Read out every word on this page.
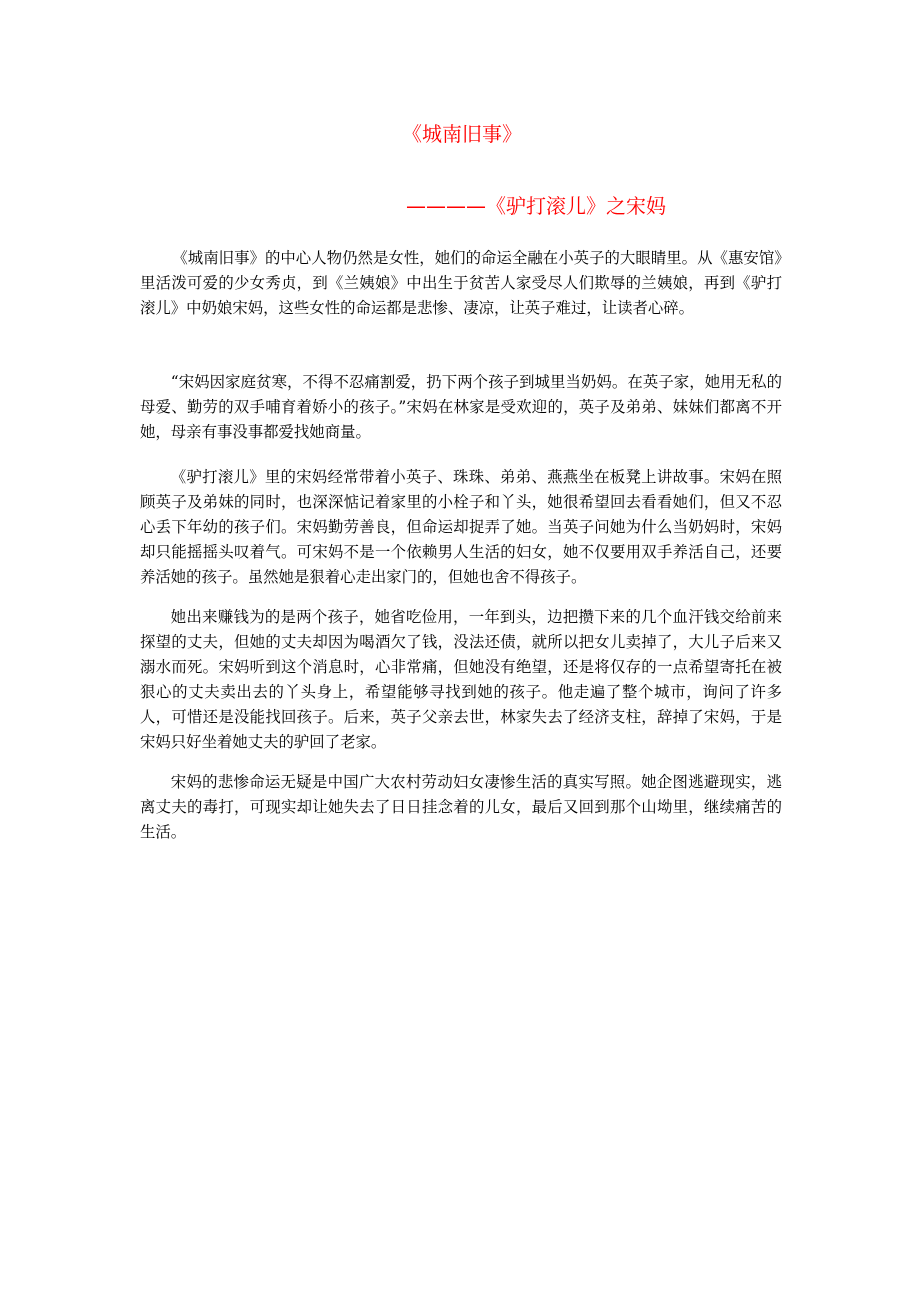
《城南旧事》
————《驴打滚儿》之宋妈

《城南旧事》的中心人物仍然是女性，她们的命运全融在小英子的大眼睛里。从《惠安馆》里活泼可爱的少女秀贞，到《兰姨娘》中出生于贫苦人家受尽人们欺辱的兰姨娘，再到《驴打滚儿》中奶娘宋妈，这些女性的命运都是悲惨、凄凉，让英子难过，让读者心碎。

“宋妈因家庭贫寒，不得不忍痛割爱，扔下两个孩子到城里当奶妈。在英子家，她用无私的母爱、勤劳的双手哺育着娇小的孩子。”宋妈在林家是受欢迎的，英子及弟弟、妹妹们都离不开她，母亲有事没事都爱找她商量。

《驴打滚儿》里的宋妈经常带着小英子、珠珠、弟弟、燕燕坐在板凳上讲故事。宋妈在照顾英子及弟妹的同时，也深深惦记着家里的小栓子和丫头，她很希望回去看看她们，但又不忍心丢下年幼的孩子们。宋妈勤劳善良，但命运却捉弄了她。当英子问她为什么当奶妈时，宋妈却只能摇摇头叹着气。可宋妈不是一个依赖男人生活的妇女，她不仅要用双手养活自己，还要养活她的孩子。虽然她是狠着心走出家门的，但她也舍不得孩子。

她出来赚钱为的是两个孩子，她省吃俭用，一年到头，边把攒下来的几个血汗钱交给前来探望的丈夫，但她的丈夫却因为喝酒欠了钱，没法还债，就所以把女儿卖掉了，大儿子后来又溺水而死。宋妈听到这个消息时，心非常痛，但她没有绝望，还是将仅存的一点希望寄托在被狠心的丈夫卖出去的丫头身上，希望能够寻找到她的孩子。他走遍了整个城市，询问了许多人，可惜还是没能找回孩子。后来，英子父亲去世，林家失去了经济支柱，辞掉了宋妈，于是宋妈只好坐着她丈夫的驴回了老家。

宋妈的悲惨命运无疑是中国广大农村劳动妇女凄惨生活的真实写照。她企图逃避现实，逃离丈夫的毒打，可现实却让她失去了日日挂念着的儿女，最后又回到那个山坳里，继续痛苦的生活。
